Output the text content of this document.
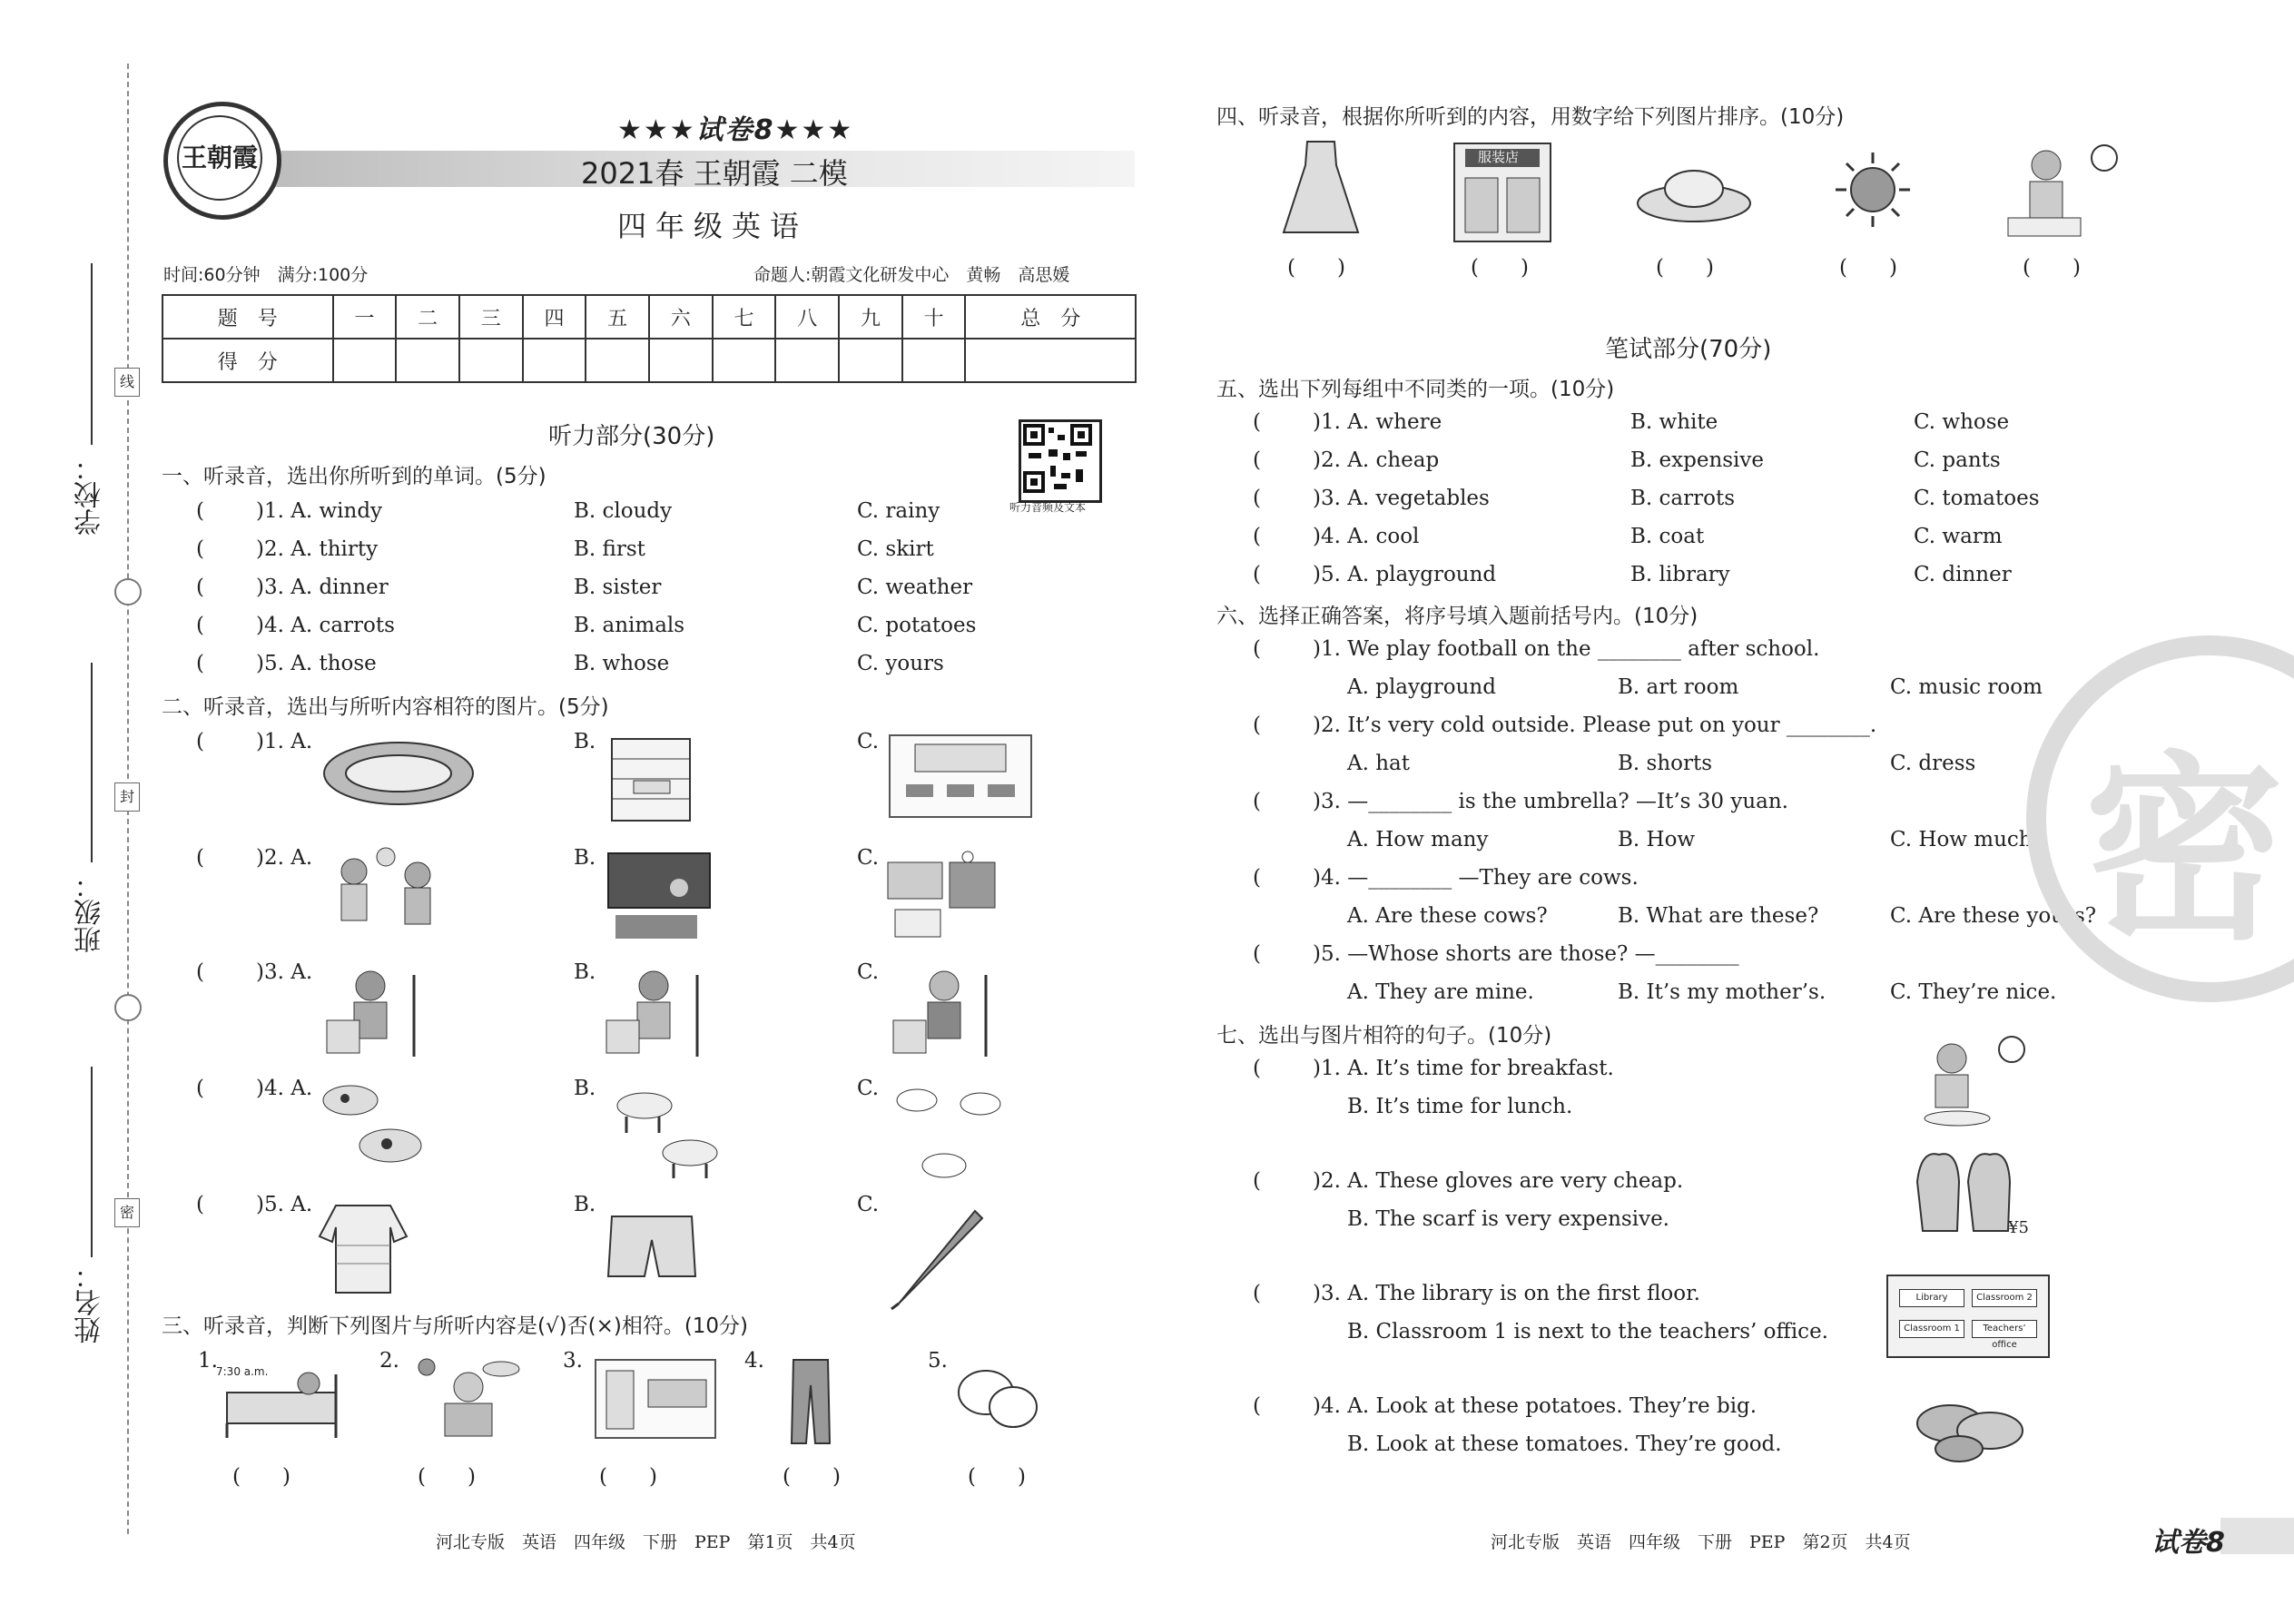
学校：
班级：
姓名：
线
封
密
王朝霞
★★★试卷8★★★
2021春 王朝霞 二模
四年级英语
时间:60分钟　满分:100分	命题人:朝霞文化研发中心　黄畅　高思媛
题　号	一	二	三	四	五	六	七	八	九	十	总　分
得　分											
听力部分(30分)
听力音频及文本
一、听录音，选出你所听到的单词。(5分)
( )1. A. windy	B. cloudy	C. rainy
( )2. A. thirty	B. first	C. skirt
( )3. A. dinner	B. sister	C. weather
( )4. A. carrots	B. animals	C. potatoes
( )5. A. those	B. whose	C. yours
二、听录音，选出与所听内容相符的图片。(5分)
( )1. A.	B.	C.
( )2. A.	B.	C.
( )3. A.	B.	C.
( )4. A.	B.	C.
( )5. A.	B.	C.
三、听录音，判断下列图片与所听内容是(√)否(×)相符。(10分)
1.
7:30 a.m.	2.	3.	4.	5.
(　　)	(　　)	(　　)	(　　)	(　　)
河北专版　英语　四年级　下册　PEP　第1页　共4页
四、听录音，根据你所听到的内容，用数字给下列图片排序。(10分)
服装店
(　　)	(　　)	(　　)	(　　)	(　　)
笔试部分(70分)
五、选出下列每组中不同类的一项。(10分)
( )1. A. where	B. white	C. whose
( )2. A. cheap	B. expensive	C. pants
( )3. A. vegetables	B. carrots	C. tomatoes
( )4. A. cool	B. coat	C. warm
( )5. A. playground	B. library	C. dinner
六、选择正确答案，将序号填入题前括号内。(10分)
( )1. We play football on the ________ after school.
A. playground	B. art room	C. music room
( )2. It’s very cold outside. Please put on your ________.
A. hat	B. shorts	C. dress
( )3. —________ is the umbrella? —It’s 30 yuan.
A. How many	B. How	C. How much
( )4. —________ —They are cows.
A. Are these cows?	B. What are these?	C. Are these yours?
( )5. —Whose shorts are those? —________
A. They are mine.	B. It’s my mother’s.	C. They’re nice.
七、选出与图片相符的句子。(10分)
( )1. A. It’s time for breakfast.
B. It’s time for lunch.
( )2. A. These gloves are very cheap.
B. The scarf is very expensive.	¥5
( )3. A. The library is on the first floor.
B. Classroom 1 is next to the teachers’ office.
Library	Classroom 2
Classroom 1	Teachers’ office
( )4. A. Look at these potatoes. They’re big.
B. Look at these tomatoes. They’re good.
密
河北专版　英语　四年级　下册　PEP　第2页　共4页	试卷8
